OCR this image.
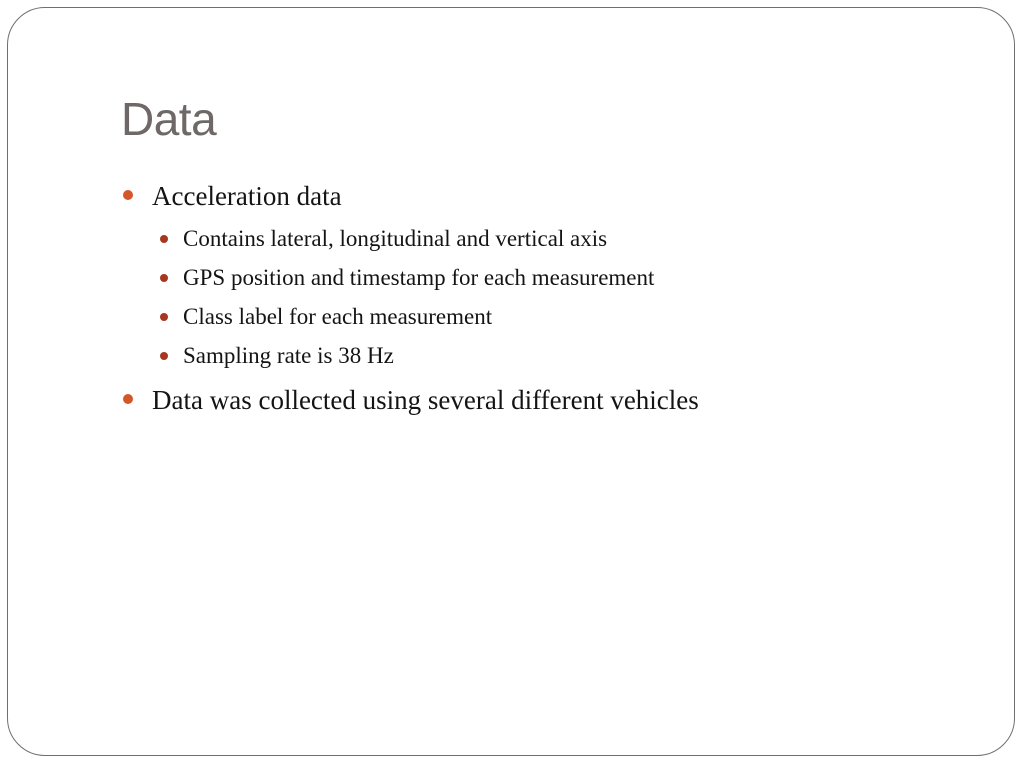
Data
Acceleration data
Contains lateral, longitudinal and vertical axis
GPS position and timestamp for each measurement
Class label for each measurement
Sampling rate is 38 Hz
Data was collected using several different vehicles
